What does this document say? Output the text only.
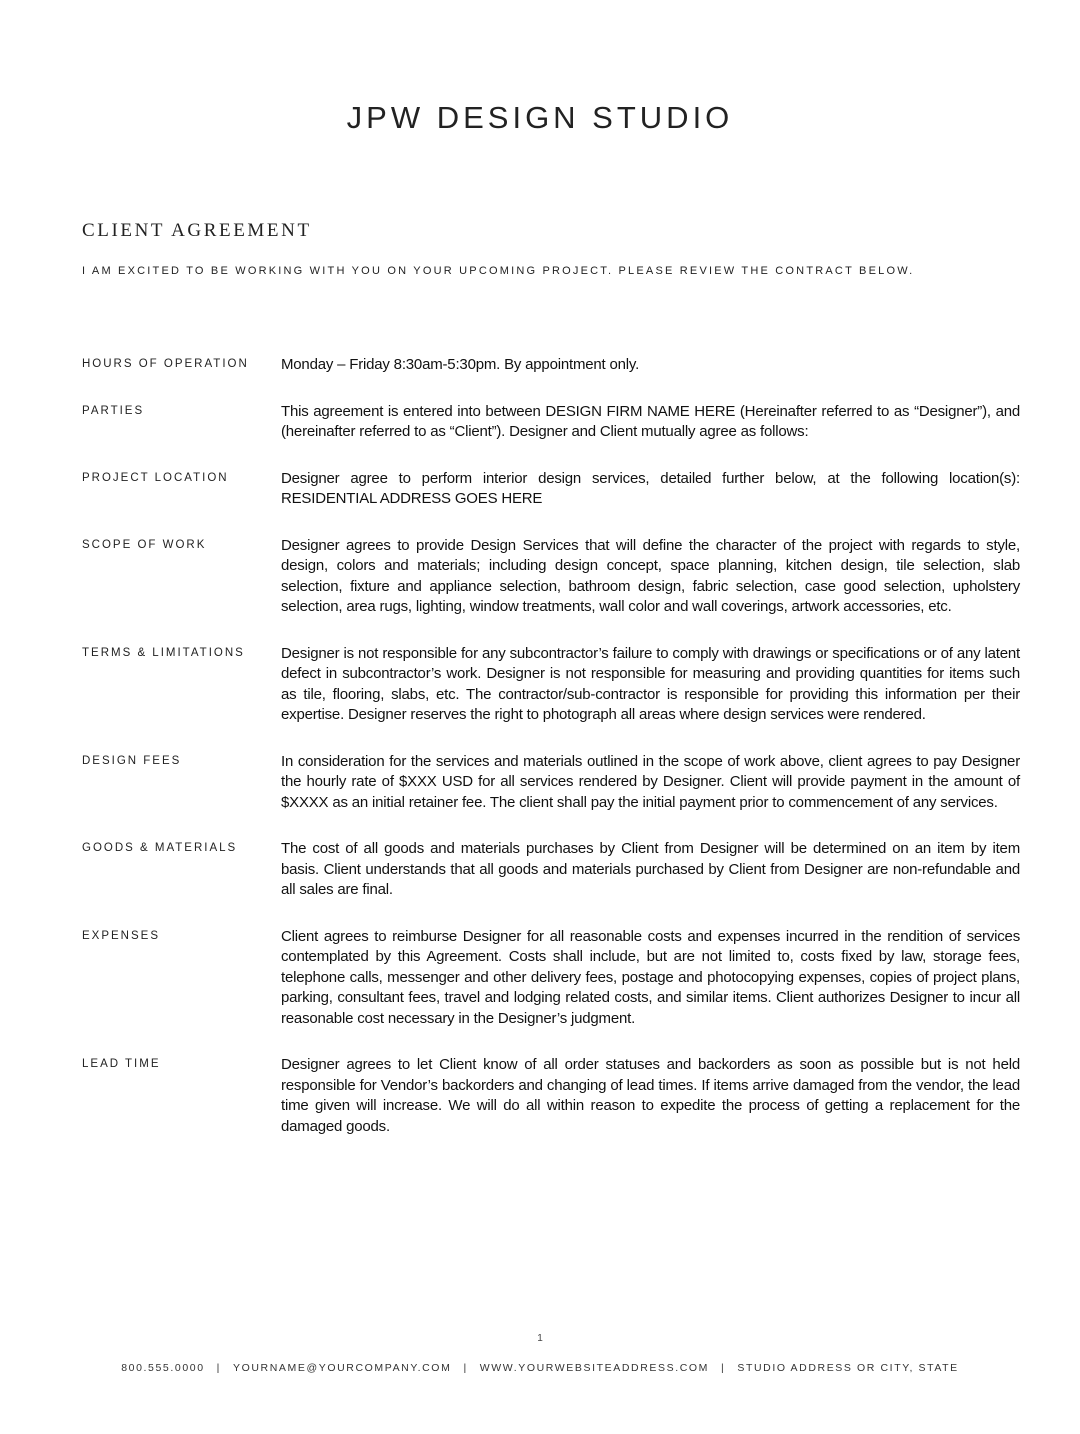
JPW DESIGN STUDIO
CLIENT AGREEMENT
I AM EXCITED TO BE WORKING WITH YOU ON YOUR UPCOMING PROJECT. PLEASE REVIEW THE CONTRACT BELOW.
HOURS OF OPERATION	Monday – Friday 8:30am-5:30pm. By appointment only.
PARTIES	This agreement is entered into between DESIGN FIRM NAME HERE (Hereinafter referred to as “Designer”), and (hereinafter referred to as “Client”). Designer and Client mutually agree as follows:
PROJECT LOCATION	Designer agree to perform interior design services, detailed further below, at the following location(s): RESIDENTIAL ADDRESS GOES HERE
SCOPE OF WORK	Designer agrees to provide Design Services that will define the character of the project with regards to style, design, colors and materials; including design concept, space planning, kitchen design, tile selection, slab selection, fixture and appliance selection, bathroom design, fabric selection, case good selection, upholstery selection, area rugs, lighting, window treatments, wall color and wall coverings, artwork accessories, etc.
TERMS & LIMITATIONS	Designer is not responsible for any subcontractor’s failure to comply with drawings or specifications or of any latent defect in subcontractor’s work. Designer is not responsible for measuring and providing quantities for items such as tile, flooring, slabs, etc. The contractor/sub-contractor is responsible for providing this information per their expertise. Designer reserves the right to photograph all areas where design services were rendered.
DESIGN FEES	In consideration for the services and materials outlined in the scope of work above, client agrees to pay Designer the hourly rate of $XXX USD for all services rendered by Designer. Client will provide payment in the amount of $XXXX as an initial retainer fee. The client shall pay the initial payment prior to commencement of any services.
GOODS & MATERIALS	The cost of all goods and materials purchases by Client from Designer will be determined on an item by item basis. Client understands that all goods and materials purchased by Client from Designer are non-refundable and all sales are final.
EXPENSES	Client agrees to reimburse Designer for all reasonable costs and expenses incurred in the rendition of services contemplated by this Agreement. Costs shall include, but are not limited to, costs fixed by law, storage fees, telephone calls, messenger and other delivery fees, postage and photocopying expenses, copies of project plans, parking, consultant fees, travel and lodging related costs, and similar items. Client authorizes Designer to incur all reasonable cost necessary in the Designer’s judgment.
LEAD TIME	Designer agrees to let Client know of all order statuses and backorders as soon as possible but is not held responsible for Vendor’s backorders and changing of lead times. If items arrive damaged from the vendor, the lead time given will increase. We will do all within reason to expedite the process of getting a replacement for the damaged goods.
1
800.555.0000 | YOURNAME@YOURCOMPANY.COM | WWW.YOURWEBSITEADDRESS.COM | STUDIO ADDRESS OR CITY, STATE
